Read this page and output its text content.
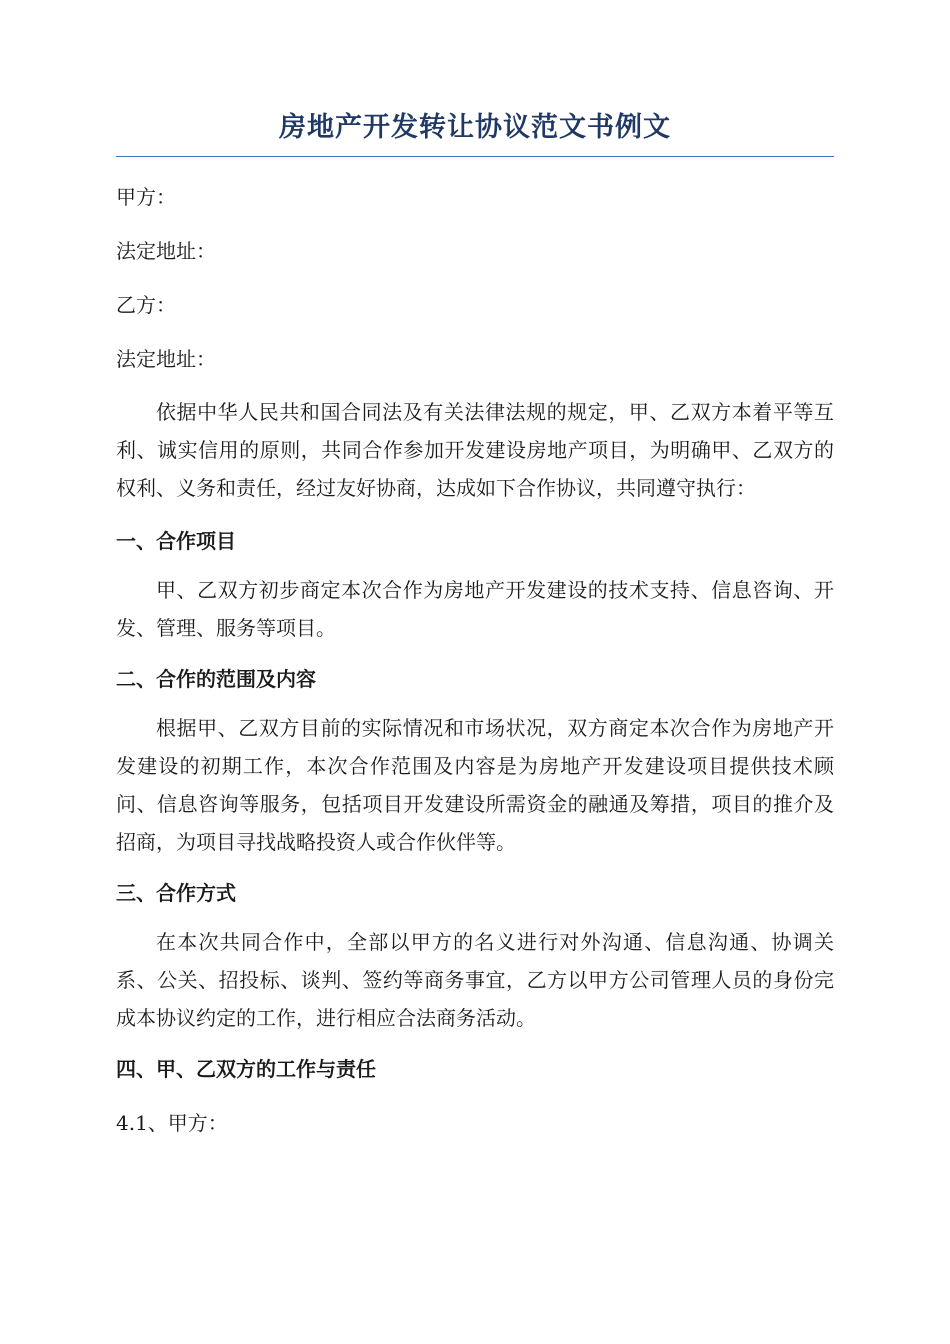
房地产开发转让协议范文书例文

甲方：

法定地址：

乙方：

法定地址：

依据中华人民共和国合同法及有关法律法规的规定，甲、乙双方本着平等互利、诚实信用的原则，共同合作参加开发建设房地产项目，为明确甲、乙双方的权利、义务和责任，经过友好协商，达成如下合作协议，共同遵守执行：

一、合作项目

甲、乙双方初步商定本次合作为房地产开发建设的技术支持、信息咨询、开发、管理、服务等项目。

二、合作的范围及内容

根据甲、乙双方目前的实际情况和市场状况，双方商定本次合作为房地产开发建设的初期工作，本次合作范围及内容是为房地产开发建设项目提供技术顾问、信息咨询等服务，包括项目开发建设所需资金的融通及筹措，项目的推介及招商，为项目寻找战略投资人或合作伙伴等。

三、合作方式

在本次共同合作中，全部以甲方的名义进行对外沟通、信息沟通、协调关系、公关、招投标、谈判、签约等商务事宜，乙方以甲方公司管理人员的身份完成本协议约定的工作，进行相应合法商务活动。

四、甲、乙双方的工作与责任

4.1、甲方：
